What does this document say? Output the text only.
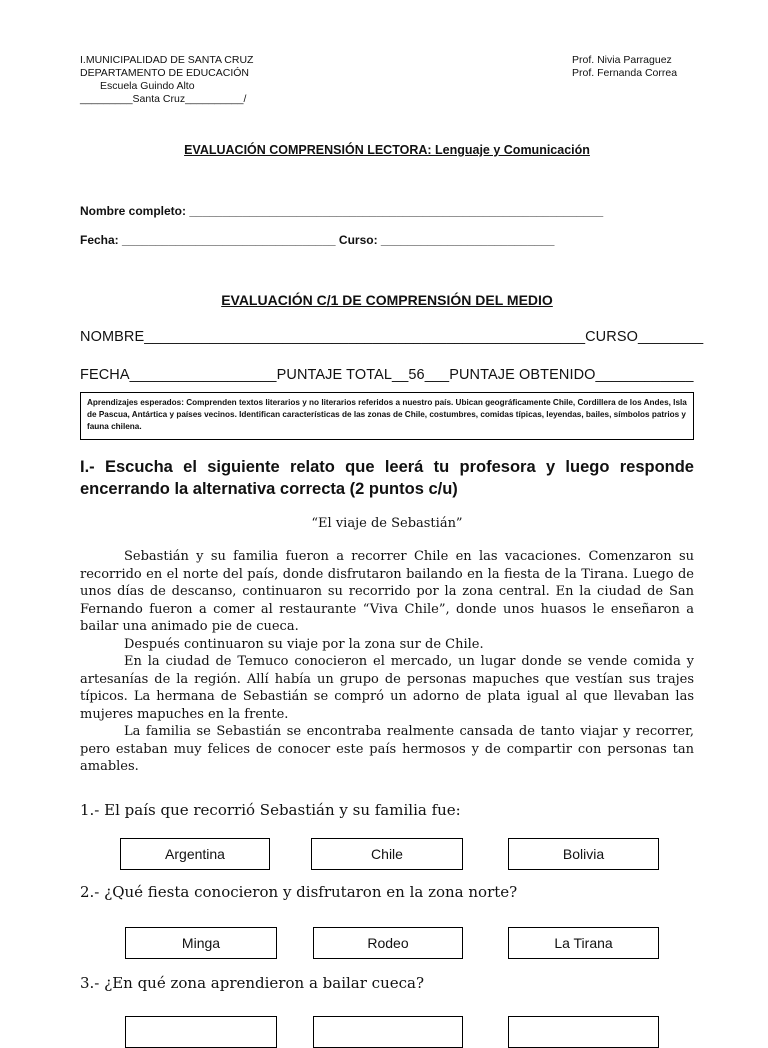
I.MUNICIPALIDAD DE SANTA CRUZ
DEPARTAMENTO DE EDUCACIÓN
Escuela Guindo Alto
_________Santa Cruz__________/
Prof. Nivia Parraguez
Prof. Fernanda Correa
EVALUACIÓN COMPRENSIÓN LECTORA: Lenguaje y Comunicación
Nombre completo: ______________________________________________________________
Fecha: ________________________________ Curso: __________________________
EVALUACIÓN C/1 DE COMPRENSIÓN DEL MEDIO
NOMBRE______________________________________________________CURSO________
FECHA__________________PUNTAJE TOTAL__56___PUNTAJE OBTENIDO____________
Aprendizajes esperados: Comprenden textos literarios y no literarios referidos a nuestro país. Ubican geográficamente Chile, Cordillera de los Andes, Isla de Pascua, Antártica y países vecinos. Identifican características de las zonas de Chile, costumbres, comidas típicas, leyendas, bailes, símbolos patrios y fauna chilena.
I.- Escucha el siguiente relato que leerá tu profesora y luego responde encerrando la alternativa correcta (2 puntos c/u)
“El viaje de Sebastián”

Sebastián y su familia fueron a recorrer Chile en las vacaciones. Comenzaron su recorrido en el norte del país, donde disfrutaron bailando en la fiesta de la Tirana. Luego de unos días de descanso, continuaron su recorrido por la zona central. En la ciudad de San Fernando fueron a comer al restaurante “Viva Chile”, donde unos huasos le enseñaron a bailar una animado pie de cueca.

Después continuaron su viaje por la zona sur de Chile.

En la ciudad de Temuco conocieron el mercado, un lugar donde se vende comida y artesanías de la región. Allí había un grupo de personas mapuches que vestían sus trajes típicos. La hermana de Sebastián se compró un adorno de plata igual al que llevaban las mujeres mapuches en la frente.

La familia se Sebastián se encontraba realmente cansada de tanto viajar y recorrer, pero estaban muy felices de conocer este país hermosos y de compartir con personas tan amables.

1.- El país que recorrió Sebastián y su familia fue:
Argentina	Chile	Bolivia
2.- ¿Qué fiesta conocieron y disfrutaron en la zona norte?
Minga	Rodeo	La Tirana
3.- ¿En qué zona aprendieron a bailar cueca?
